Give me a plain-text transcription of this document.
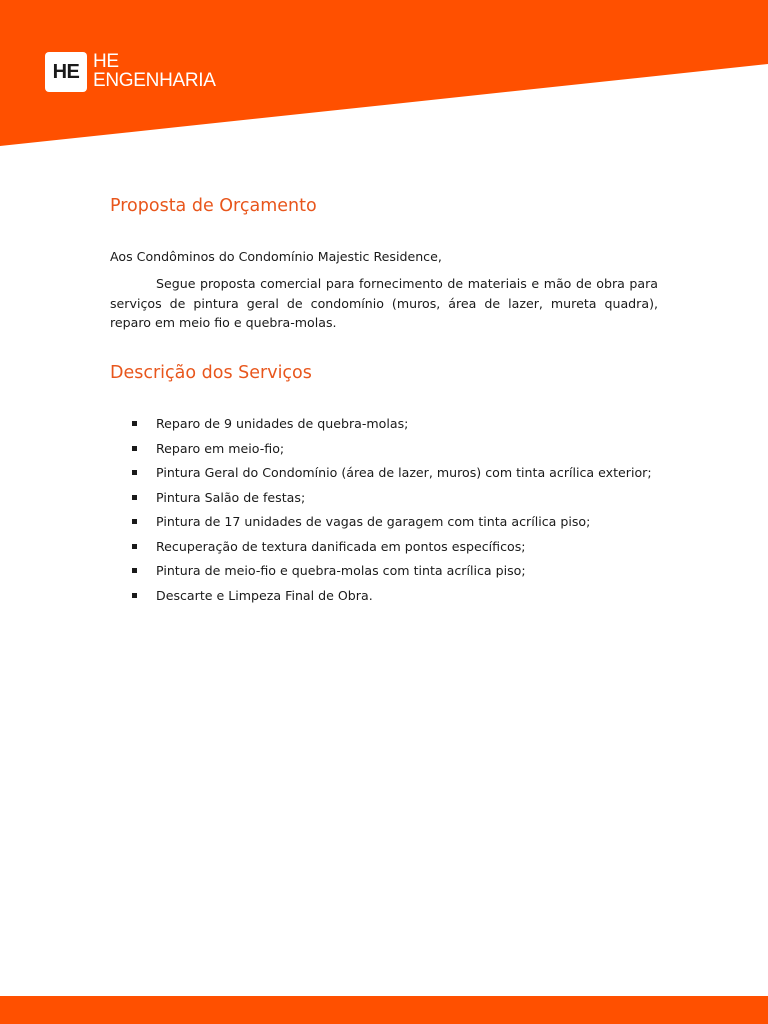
HE HE
ENGENHARIA
Proposta de Orçamento
Aos Condôminos do Condomínio Majestic Residence,
Segue proposta comercial para fornecimento de materiais e mão de obra para serviços de pintura geral de condomínio (muros, área de lazer, mureta quadra), reparo em meio fio e quebra-molas.
Descrição dos Serviços
Reparo de 9 unidades de quebra-molas;
Reparo em meio-fio;
Pintura Geral do Condomínio (área de lazer, muros) com tinta acrílica exterior;
Pintura Salão de festas;
Pintura de 17 unidades de vagas de garagem com tinta acrílica piso;
Recuperação de textura danificada em pontos específicos;
Pintura de meio-fio e quebra-molas com tinta acrílica piso;
Descarte e Limpeza Final de Obra.
